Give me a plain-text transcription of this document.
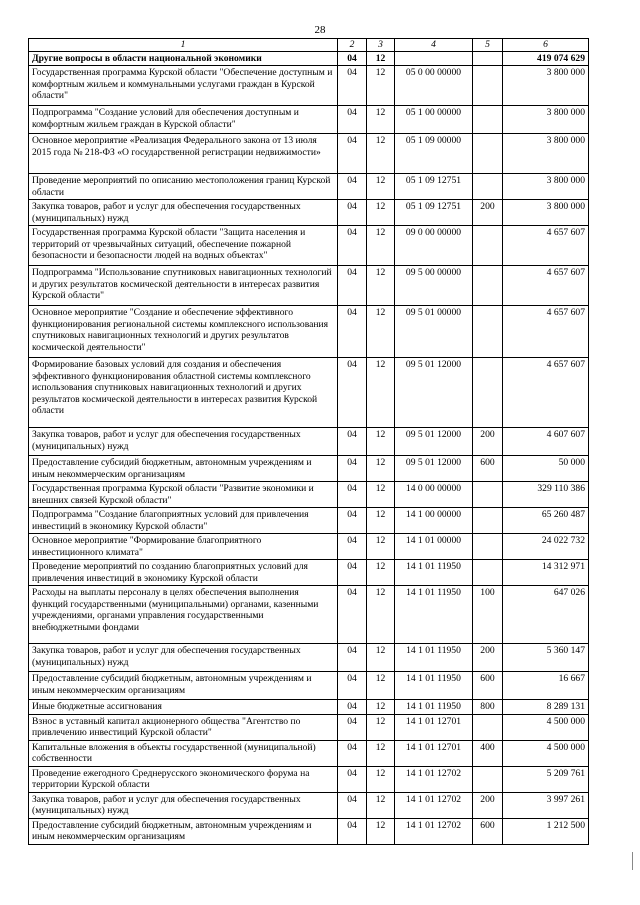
28
1	2	3	4	5	6
Другие вопросы в области национальной экономики	04	12			419 074 629
Государственная программа Курской области "Обеспечение доступным и комфортным жильем и коммунальными услугами граждан в Курской области"	04	12	05 0 00 00000		3 800 000
Подпрограмма "Создание условий для обеспечения доступным и комфортным жильем граждан в Курской области"	04	12	05 1 00 00000		3 800 000
Основное мероприятие «Реализация Федерального закона от 13 июля 2015 года № 218-ФЗ «О государственной регистрации недвижимости»	04	12	05 1 09 00000		3 800 000
Проведение мероприятий по описанию местоположения границ Курской области	04	12	05 1 09 12751		3 800 000
Закупка товаров, работ и услуг для обеспечения государственных (муниципальных) нужд	04	12	05 1 09 12751	200	3 800 000
Государственная программа Курской области "Защита населения и территорий от чрезвычайных ситуаций, обеспечение пожарной безопасности и безопасности людей на водных объектах"	04	12	09 0 00 00000		4 657 607
Подпрограмма "Использование спутниковых навигационных технологий и других результатов космической деятельности в интересах развития Курской области"	04	12	09 5 00 00000		4 657 607
Основное мероприятие "Создание и обеспечение эффективного функционирования региональной системы комплексного использования спутниковых навигационных технологий и других результатов космической деятельности"	04	12	09 5 01 00000		4 657 607
Формирование базовых условий для создания и обеспечения эффективного функционирования областной системы комплексного использования спутниковых навигационных технологий и других результатов космической деятельности в интересах развития Курской области	04	12	09 5 01 12000		4 657 607
Закупка товаров, работ и услуг для обеспечения государственных (муниципальных) нужд	04	12	09 5 01 12000	200	4 607 607
Предоставление субсидий бюджетным, автономным учреждениям и иным некоммерческим организациям	04	12	09 5 01 12000	600	50 000
Государственная программа Курской области "Развитие экономики и внешних связей Курской области"	04	12	14 0 00 00000		329 110 386
Подпрограмма "Создание благоприятных условий для привлечения инвестиций в экономику Курской области"	04	12	14 1 00 00000		65 260 487
Основное мероприятие "Формирование благоприятного инвестиционного климата"	04	12	14 1 01 00000		24 022 732
Проведение мероприятий по созданию благоприятных условий для привлечения инвестиций в экономику Курской области	04	12	14 1 01 11950		14 312 971
Расходы на выплаты персоналу в целях обеспечения выполнения функций государственными (муниципальными) органами, казенными учреждениями, органами управления государственными внебюджетными фондами	04	12	14 1 01 11950	100	647 026
Закупка товаров, работ и услуг для обеспечения государственных (муниципальных) нужд	04	12	14 1 01 11950	200	5 360 147
Предоставление субсидий бюджетным, автономным учреждениям и иным некоммерческим организациям	04	12	14 1 01 11950	600	16 667
Иные бюджетные ассигнования	04	12	14 1 01 11950	800	8 289 131
Взнос в уставный капитал акционерного общества "Агентство по привлечению инвестиций Курской области"	04	12	14 1 01 12701		4 500 000
Капитальные вложения в объекты государственной (муниципальной) собственности	04	12	14 1 01 12701	400	4 500 000
Проведение ежегодного Среднерусского экономического форума на территории Курской области	04	12	14 1 01 12702		5 209 761
Закупка товаров, работ и услуг для обеспечения государственных (муниципальных) нужд	04	12	14 1 01 12702	200	3 997 261
Предоставление субсидий бюджетным, автономным учреждениям и иным некоммерческим организациям	04	12	14 1 01 12702	600	1 212 500
